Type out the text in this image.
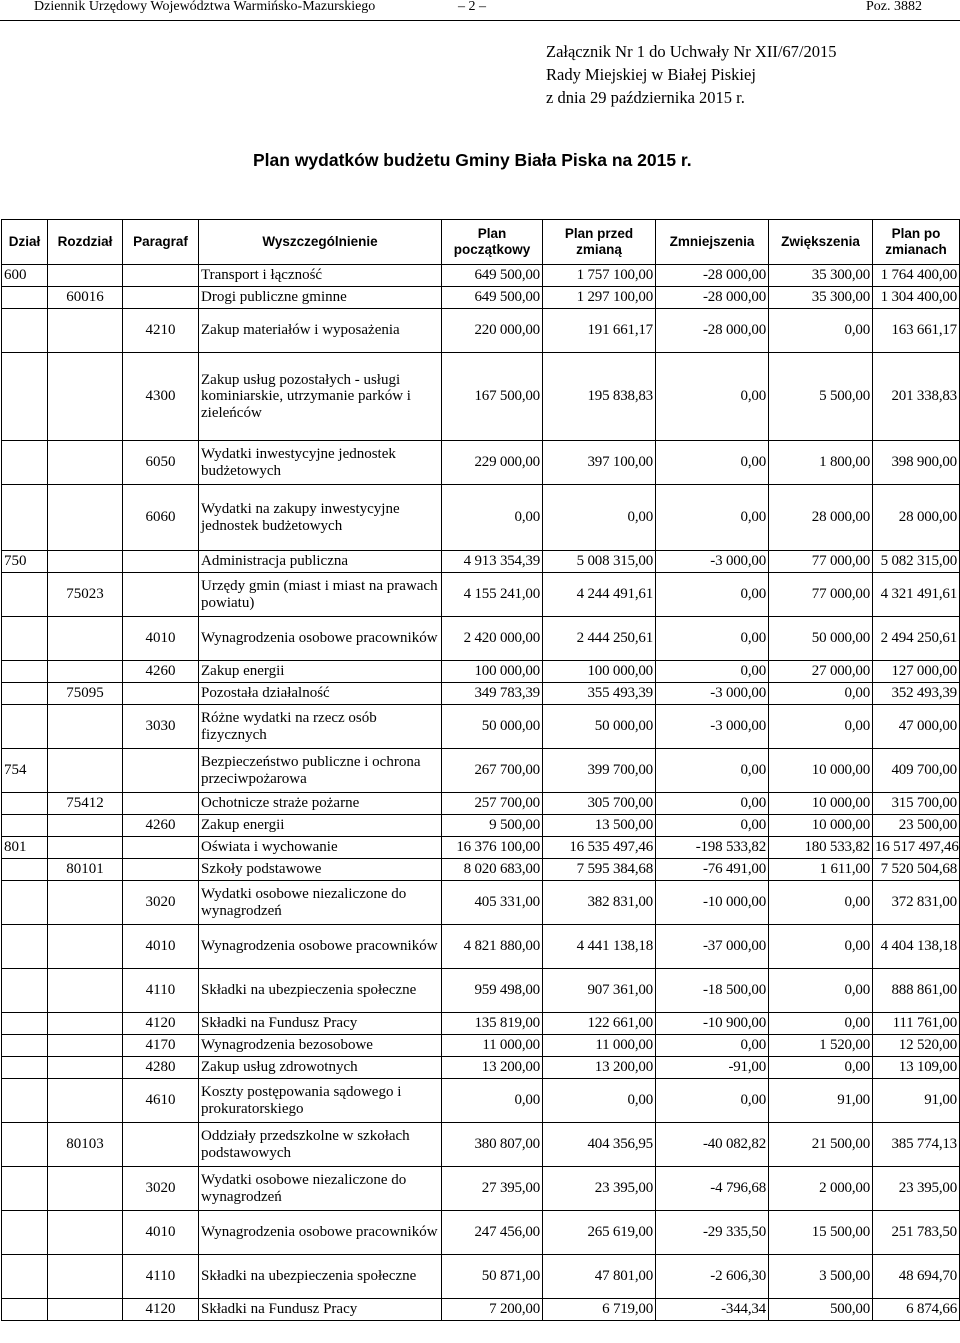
Dziennik Urzędowy Województwa Warmińsko-Mazurskiego	– 2 –	Poz. 3882
Załącznik Nr 1 do Uchwały Nr XII/67/2015
Rady Miejskiej w Białej Piskiej
z dnia 29 października 2015 r.
Plan wydatków budżetu Gminy Biała Piska na 2015 r.
Dział	Rozdział	Paragraf	Wyszczególnienie	Plan początkowy	Plan przed zmianą	Zmniejszenia	Zwiększenia	Plan po zmianach
600			Transport i łączność	649 500,00	1 757 100,00	-28 000,00	35 300,00	1 764 400,00
	60016		Drogi publiczne gminne	649 500,00	1 297 100,00	-28 000,00	35 300,00	1 304 400,00
		4210	Zakup materiałów i wyposażenia	220 000,00	191 661,17	-28 000,00	0,00	163 661,17
		4300	Zakup usług pozostałych - usługi kominiarskie, utrzymanie parków i zieleńców	167 500,00	195 838,83	0,00	5 500,00	201 338,83
		6050	Wydatki inwestycyjne jednostek budżetowych	229 000,00	397 100,00	0,00	1 800,00	398 900,00
		6060	Wydatki na zakupy inwestycyjne jednostek budżetowych	0,00	0,00	0,00	28 000,00	28 000,00
750			Administracja publiczna	4 913 354,39	5 008 315,00	-3 000,00	77 000,00	5 082 315,00
	75023		Urzędy gmin (miast i miast na prawach powiatu)	4 155 241,00	4 244 491,61	0,00	77 000,00	4 321 491,61
		4010	Wynagrodzenia osobowe pracowników	2 420 000,00	2 444 250,61	0,00	50 000,00	2 494 250,61
		4260	Zakup energii	100 000,00	100 000,00	0,00	27 000,00	127 000,00
	75095		Pozostała działalność	349 783,39	355 493,39	-3 000,00	0,00	352 493,39
		3030	Różne wydatki na rzecz osób fizycznych	50 000,00	50 000,00	-3 000,00	0,00	47 000,00
754			Bezpieczeństwo publiczne i ochrona przeciwpożarowa	267 700,00	399 700,00	0,00	10 000,00	409 700,00
	75412		Ochotnicze straże pożarne	257 700,00	305 700,00	0,00	10 000,00	315 700,00
		4260	Zakup energii	9 500,00	13 500,00	0,00	10 000,00	23 500,00
801			Oświata i wychowanie	16 376 100,00	16 535 497,46	-198 533,82	180 533,82	16 517 497,46
	80101		Szkoły podstawowe	8 020 683,00	7 595 384,68	-76 491,00	1 611,00	7 520 504,68
		3020	Wydatki osobowe niezaliczone do wynagrodzeń	405 331,00	382 831,00	-10 000,00	0,00	372 831,00
		4010	Wynagrodzenia osobowe pracowników	4 821 880,00	4 441 138,18	-37 000,00	0,00	4 404 138,18
		4110	Składki na ubezpieczenia społeczne	959 498,00	907 361,00	-18 500,00	0,00	888 861,00
		4120	Składki na Fundusz Pracy	135 819,00	122 661,00	-10 900,00	0,00	111 761,00
		4170	Wynagrodzenia bezosobowe	11 000,00	11 000,00	0,00	1 520,00	12 520,00
		4280	Zakup usług zdrowotnych	13 200,00	13 200,00	-91,00	0,00	13 109,00
		4610	Koszty postępowania sądowego i prokuratorskiego	0,00	0,00	0,00	91,00	91,00
	80103		Oddziały przedszkolne w szkołach podstawowych	380 807,00	404 356,95	-40 082,82	21 500,00	385 774,13
		3020	Wydatki osobowe niezaliczone do wynagrodzeń	27 395,00	23 395,00	-4 796,68	2 000,00	23 395,00
		4010	Wynagrodzenia osobowe pracowników	247 456,00	265 619,00	-29 335,50	15 500,00	251 783,50
		4110	Składki na ubezpieczenia społeczne	50 871,00	47 801,00	-2 606,30	3 500,00	48 694,70
		4120	Składki na Fundusz Pracy	7 200,00	6 719,00	-344,34	500,00	6 874,66
